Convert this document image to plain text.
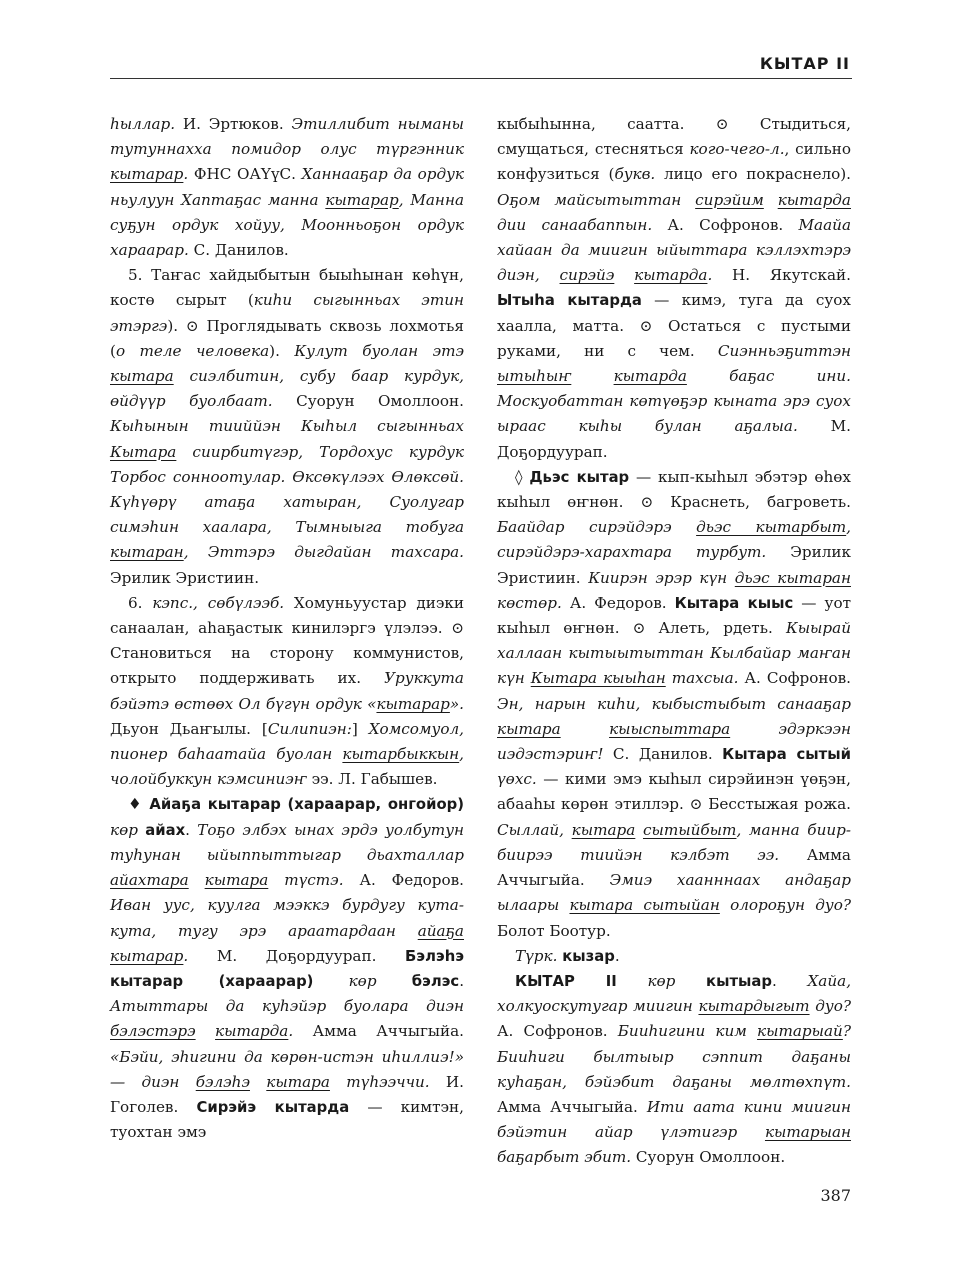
КЫТАР II

һыллар. И. Эртюков. Этиллибит ныманы тутуннахха помидор олус түргэнник кытарар. ФНС ОАҮүС. Ханнааҕар да ордук ньулуун Хаптаҕас манна кытарар, Манна суҕун ордук хойуу, Моонньоҕон ордук хараарар. С. Данилов.

5. Таҥас хайдыбытын быыһынан көһүн, костө сырыт (киһи сыгынньах этин этэргэ). ⊙ Проглядывать сквозь лохмотья (о теле человека). Кулут буолан этэ кытара сиэлбитин, субу баар курдук, өйдүүр буолбаат. Суорун Омоллоон. Кыһынын тииййэн Кыһыл сыгынньах Кытара сиирбитүгэр, Тордохус курдук Торбос сонноотулар. Өксөкүлээх Өлөксөй. Күһүөрү атаҕа хатыран, Суолугар симэһин хаалара, Тымныыга тобуга кытаран, Эттэрэ дыгдайан тахсара. Эрилик Эристиин.

6. кэпс., сөбүлээб. Хомуньуустар диэки санаалан, аһаҕастык кинилэргэ үлэлээ. ⊙ Становиться на сторону коммунистов, открыто поддерживать их. Уруккута бэйэтэ өстөөх Ол бүгүн ордук «кытарар». Дьуон Дьаҥылы. [Силипиэн:] Хомсомуол, пионер баһаатайа буолан кытарбыккын, чолойбуккун кэмсиниэҥ ээ. Л. Габышев.

♦ Айаҕа кытарар (хараарар, онгойор) көр айах. Тоҕо элбэх ынах эрдэ уолбутун туһунан ыйыппыттыгар дьахталлар айахтара кытара түстэ. А. Федоров. Иван уус, куулга мээккэ бурдугу кута-кута, тугу эрэ араатардаан айаҕа кытарар. М. Доҕордуурап. Бэлэһэ кытарар (хараарар) көр бэлэс. Атыттары да куһэйэр буолара диэн бэлэстэрэ кытарда. Амма Аччыгыйа. «Бэйи, эһигини да көрөн-истэн иһиллиэ!» — диэн бэлэһэ кытара түһээччи. И. Гоголев. Сирэйэ кытарда — кимтэн, туохтан эмэ

кыбыһынна, саатта. ⊙ Стыдиться, смущаться, стесняться кого-чего-л., сильно конфузиться (букв. лицо его покраснело). Оҕом майсытыттан сирэйим кытарда дии санаабаппын. А. Софронов. Маайа хайаан да миигин ыйыттара кэллэхтэрэ диэн, сирэйэ кытарда. Н. Якутскай. Ытыһа кытарда — кимэ, туга да суох хаалла, матта. ⊙ Остаться с пустыми руками, ни с чем. Сиэнньэҕиттэн ытыһыҥ	кытарда баҕас ини. Москуобаттан көтүөҕэр кыната эрэ суох ыраас кыһы булан аҕалыа. М. Доҕордуурап.

◊ Дьэс кытар — кып-кыһыл эбэтэр өһөх кыһыл өҥнөн. ⊙ Краснеть, багроветь. Баайдар сирэйдэрэ дьэс кытарбыт, сирэйдэрэ-харахтара турбут. Эрилик Эристиин. Киирэн эрэр күн дьэс кытаран көстөр. А. Федоров. Кытара кыыс — уот кыһыл өҥнөн. ⊙ Алеть, рдеть. Кыырай халлаан кытыытыттан Кылбайар маҥан күн Кытара кыыһан тахсыа. А. Софронов. Эн, нарын киһи, кыбыстыбыт санааҕар кытара	кыыспыттара эдэркээн иэдэстэриҥ! С. Данилов. Кытара сытый үөхс. — кими эмэ кыһыл сирэйинэн үөҕэн, абааһы көрөн этиллэр. ⊙ Бесстыжая рожа. Сыллай, кытара сытыйбыт, манна биир-биирээ тиийэн кэлбэт ээ. Амма Аччыгыйа. Эмиэ хаанннаах андаҕар ылаары кытара сытыйан олороҕун дуо? Болот Боотур.

Түрк. кызар.

КЫТАР II көр кытыар. Хайа, холкуоскутугар миигин кытардыгыт дуо? А. Софронов. Бииһигини ким кытарыай? Бииһиги былтыыр сэппит даҕаны куһаҕан, бэйэбит даҕаны мөлтөхпүт. Амма Аччыгыйа. Ити аата кини миигин бэйэтин айар үлэтигэр кытарыан баҕарбыт эбит. Суорун Омоллоон.

387
